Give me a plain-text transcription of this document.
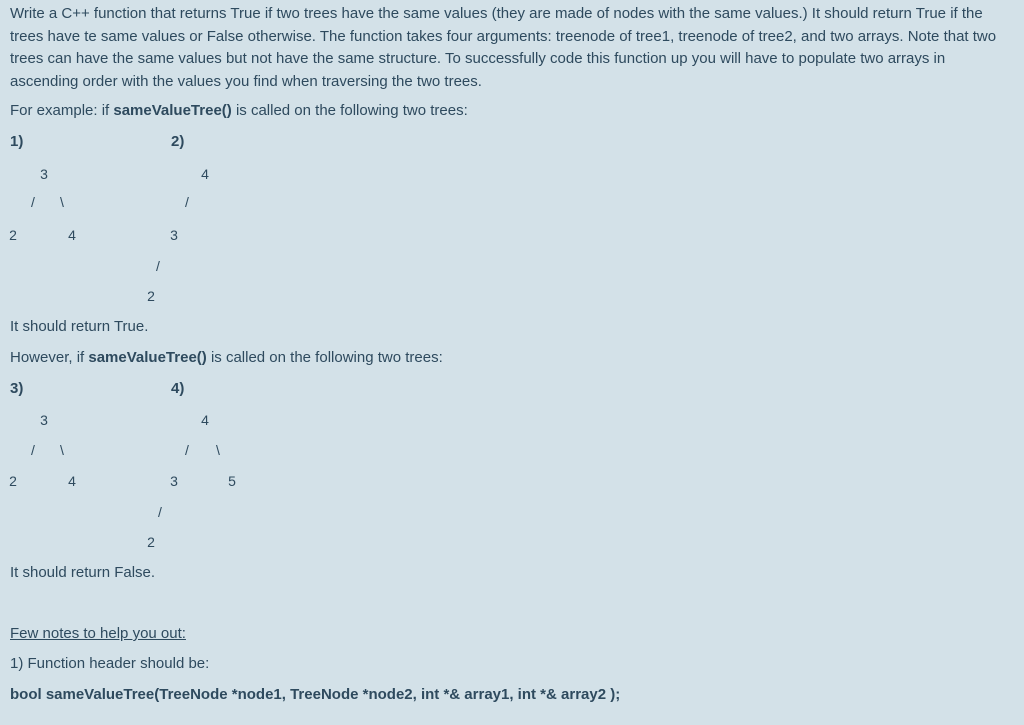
Write a C++ function that returns True if two trees have the same values (they are made of nodes with the same values.) It should return True if the trees have te same values or False otherwise. The function takes four arguments: treenode of tree1, treenode of tree2, and two arrays. Note that two trees can have the same values but not have the same structure. To successfully code this function up you will have to populate two arrays in ascending order with the values you find when traversing the two trees.

For example: if sameValueTree() is called on the following two trees:

1)
3
/	\
2	4
2)
4
/
3
/
2

It should return True.

However, if sameValueTree() is called on the following two trees:

3)
3
/	\
2	4
4)
4
/	\
3	5
/
2

It should return False.

Few notes to help you out:

1) Function header should be:

bool sameValueTree(TreeNode *node1, TreeNode *node2, int *& array1, int *& array2 );
